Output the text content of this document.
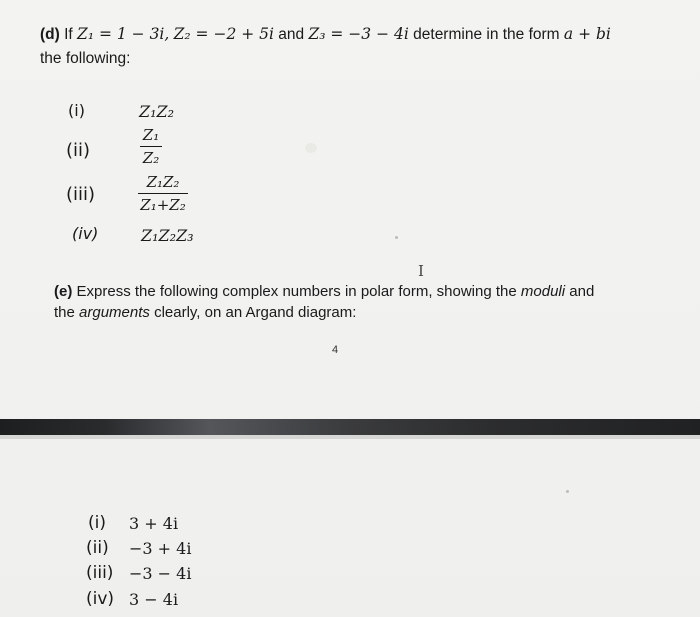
(d) If Z₁ = 1 − 3i, Z₂ = −2 + 5i and Z₃ = −3 − 4i determine in the form a + bi
the following:
(i)	Z₁Z₂
(ii)
Z₁
Z₂
(iii)
Z₁Z₂
Z₁+Z₂
(iv)	Z₁Z₂Z₃
I
(e) Express the following complex numbers in polar form, showing the moduli and
the arguments clearly, on an Argand diagram:
4
(i) 3 + 4i
(ii) −3 + 4i
(iii) −3 − 4i
(iv) 3 − 4i
